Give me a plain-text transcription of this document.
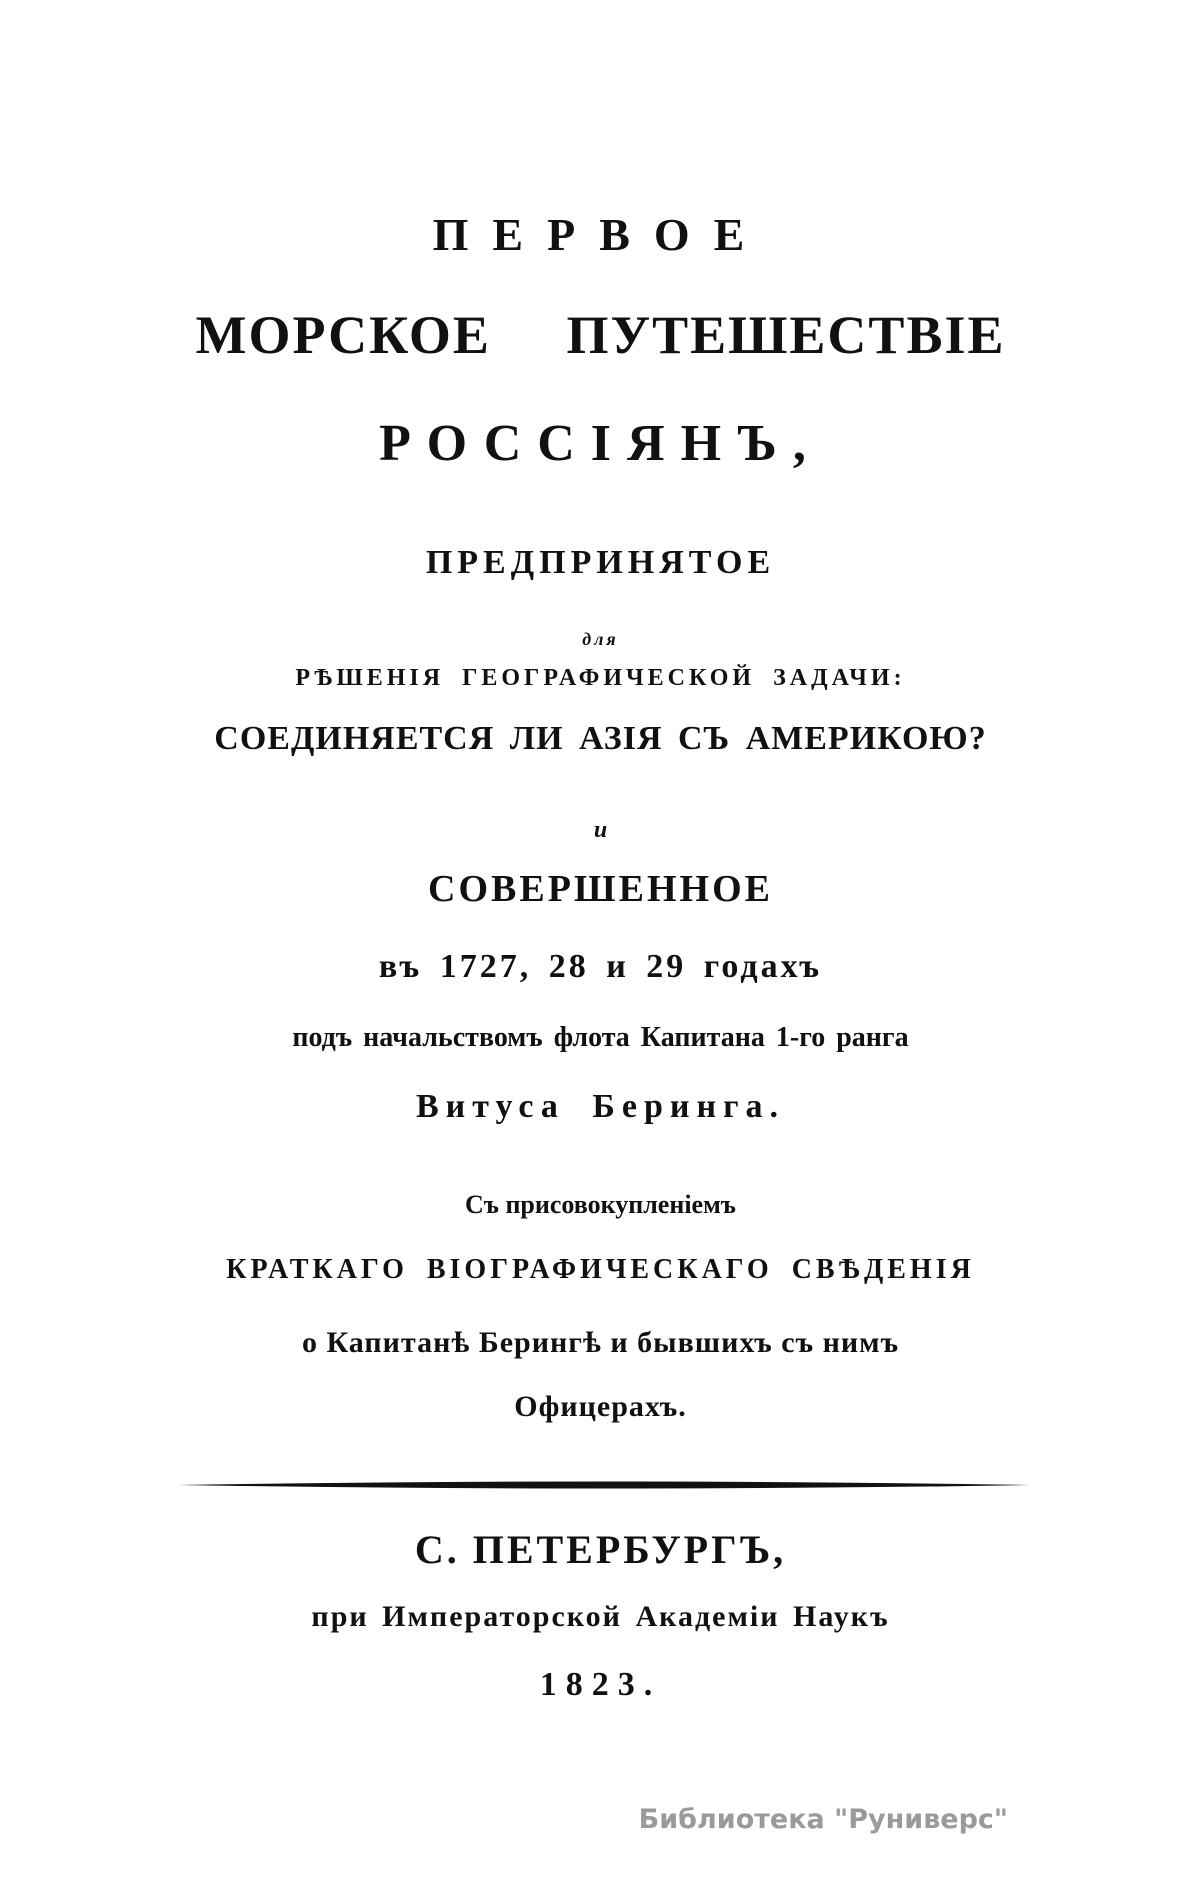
ПЕРВОЕ
МОРСКОЕ ПУТЕШЕСТВІЕ
РОССІЯНЪ,
ПРЕДПРИНЯТОЕ
для
РѢШЕНІЯ ГЕОГРАФИЧЕСКОЙ ЗАДАЧИ:
СОЕДИНЯЕТСЯ ЛИ АЗІЯ СЪ АМЕРИКОЮ?
и
СОВЕРШЕННОЕ
въ 1727, 28 и 29 годахъ
подъ начальствомъ флота Капитана 1-го ранга
Витуса Беринга.
Съ присовокупленіемъ
КРАТКАГО ВІОГРАФИЧЕСКАГО СВѢДЕНІЯ
о Капитанѣ Берингѣ и бывшихъ съ нимъ
Офицерахъ.
С. ПЕТЕРБУРГЪ,
при Императорской Академіи Наукъ
1823.
Библиотека "Руниверс"
